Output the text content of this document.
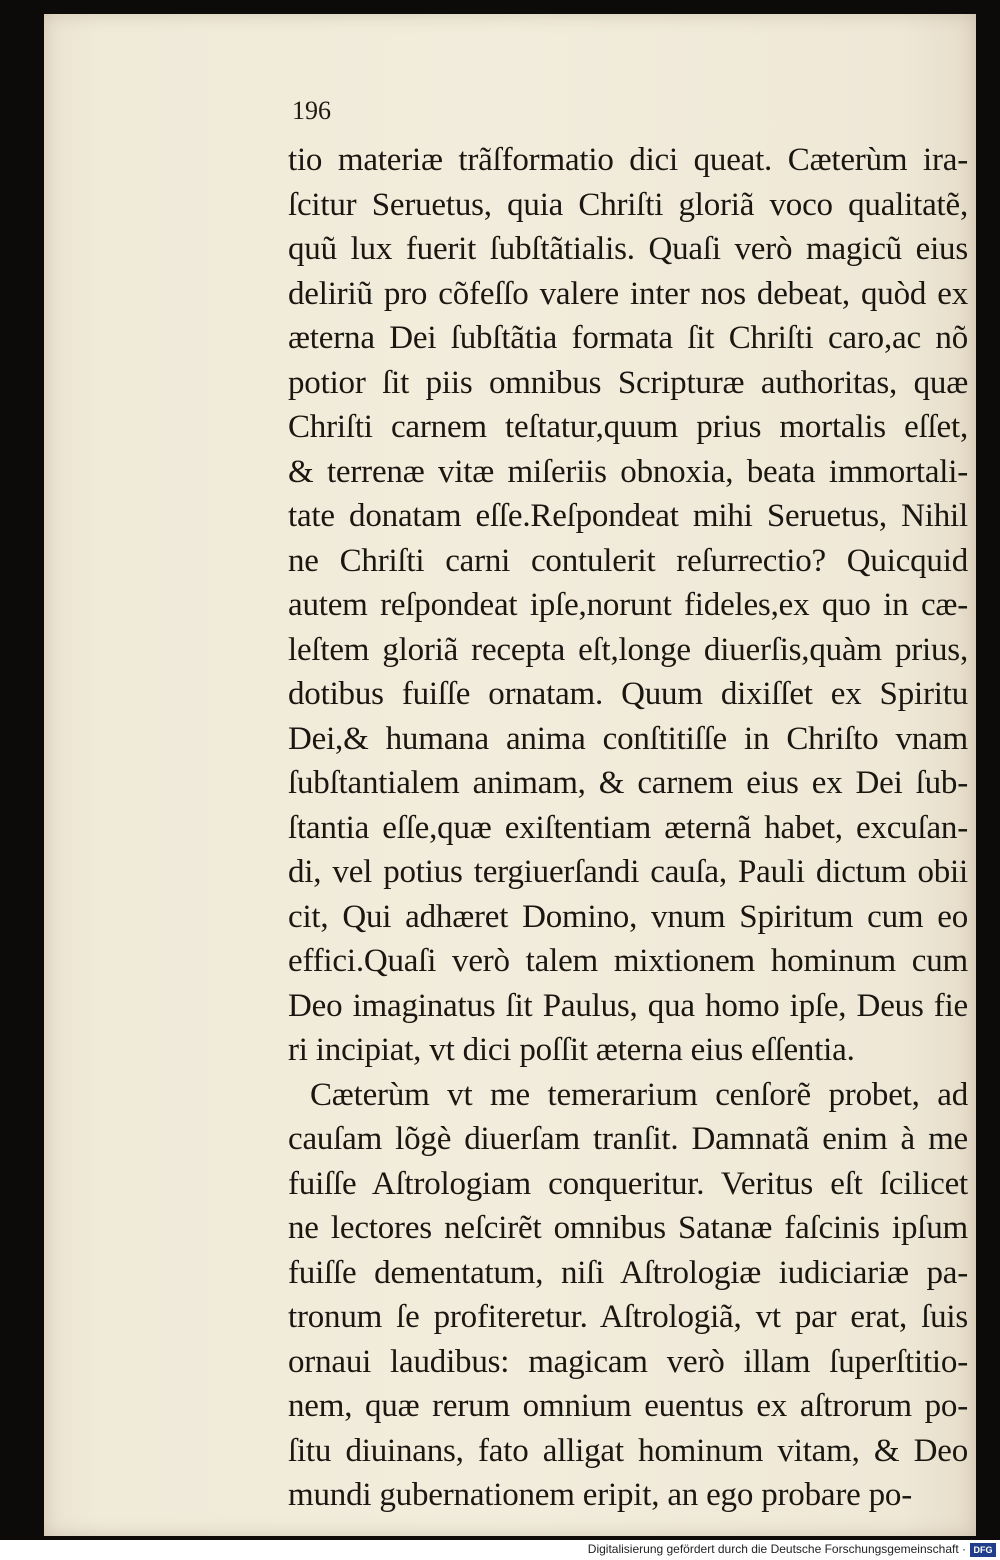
196
tio materiæ trãſformatio dici queat. Cæterùm ira-
ſcitur Seruetus, quia Chriſti gloriã voco qualitatẽ,
quũ lux fuerit ſubſtãtialis. Quaſi verò magicũ eius
deliriũ pro cõfeſſo valere inter nos debeat, quòd ex
æterna Dei ſubſtãtia formata ſit Chriſti caro,ac nõ
potior ſit piis omnibus Scripturæ authoritas, quæ
Chriſti carnem teſtatur,quum prius mortalis eſſet,
& terrenæ vitæ miſeriis obnoxia, beata immortali-
tate donatam eſſe.Reſpondeat mihi Seruetus, Nihil
ne Chriſti carni contulerit reſurrectio? Quicquid
autem reſpondeat ipſe,norunt fideles,ex quo in cæ-
leſtem gloriã recepta eſt,longe diuerſis,quàm prius,
dotibus fuiſſe ornatam. Quum dixiſſet ex Spiritu
Dei,& humana anima conſtitiſſe in Chriſto vnam
ſubſtantialem animam, & carnem eius ex Dei ſub-
ſtantia eſſe,quæ exiſtentiam æternã habet, excuſan-
di, vel potius tergiuerſandi cauſa, Pauli dictum obii
cit, Qui adhæret Domino, vnum Spiritum cum eo
effici.Quaſi verò talem mixtionem hominum cum
Deo imaginatus ſit Paulus, qua homo ipſe, Deus fie
ri incipiat, vt dici poſſit æterna eius eſſentia.
Cæterùm vt me temerarium cenſorẽ probet, ad
cauſam lõgè diuerſam tranſit. Damnatã enim à me
fuiſſe Aſtrologiam conqueritur. Veritus eſt ſcilicet
ne lectores neſcirẽt omnibus Satanæ faſcinis ipſum
fuiſſe dementatum, niſi Aſtrologiæ iudiciariæ pa-
tronum ſe profiteretur. Aſtrologiã, vt par erat, ſuis
ornaui laudibus: magicam verò illam ſuperſtitio-
nem, quæ rerum omnium euentus ex aſtrorum po-
ſitu diuinans, fato alligat hominum vitam, & Deo
mundi gubernationem eripit, an ego probare po-
Digitalisierung gefördert durch die Deutsche Forschungsgemeinschaft · DFG
